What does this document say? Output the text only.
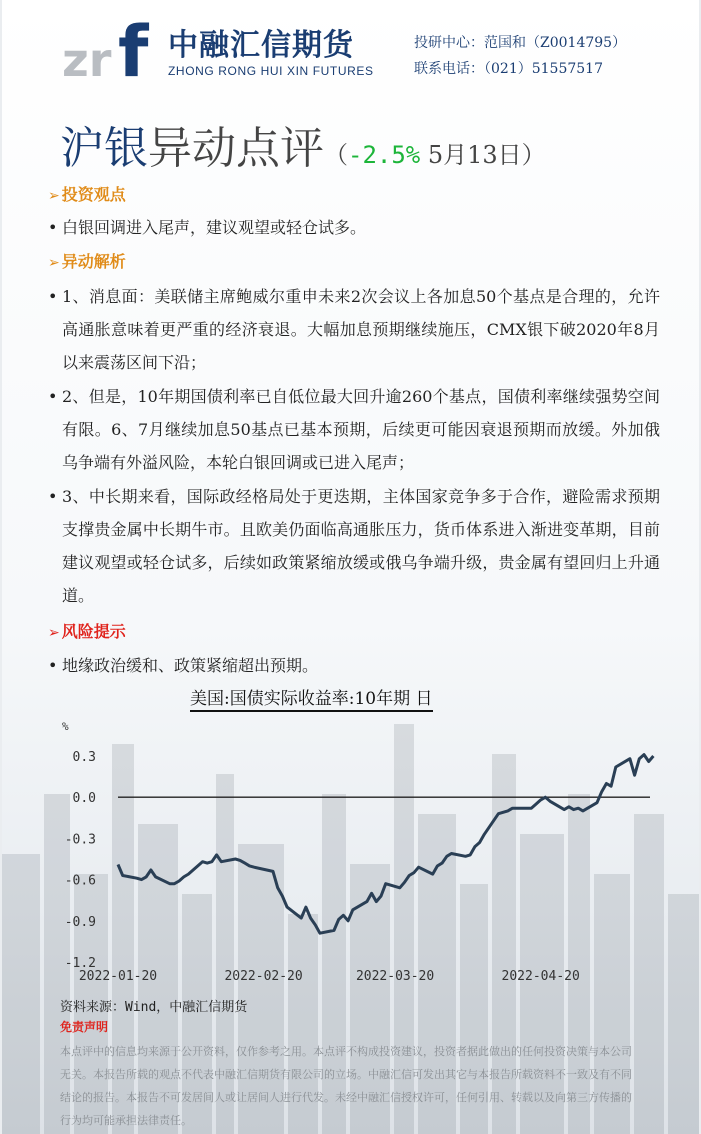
zr f 中融汇信期货
ZHONG RONG HUI XIN FUTURES
投研中心：范国和（Z0014795）
联系电话：（021）51557517
沪银异动点评（-2.5% 5月13日）
➢ 投资观点
• 白银回调进入尾声，建议观望或轻仓试多。
➢ 异动解析
• 1、消息面：美联储主席鲍威尔重申未来2次会议上各加息50个基点是合理的，允许高通胀意味着更严重的经济衰退。大幅加息预期继续施压，CMX银下破2020年8月以来震荡区间下沿；
• 2、但是，10年期国债利率已自低位最大回升逾260个基点，国债利率继续强势空间有限。6、7月继续加息50基点已基本预期，后续更可能因衰退预期而放缓。外加俄乌争端有外溢风险，本轮白银回调或已进入尾声；
• 3、中长期来看，国际政经格局处于更迭期，主体国家竞争多于合作，避险需求预期支撑贵金属中长期牛市。且欧美仍面临高通胀压力，货币体系进入渐进变革期，目前建议观望或轻仓试多，后续如政策紧缩放缓或俄乌争端升级，贵金属有望回归上升通道。
➢ 风险提示
• 地缘政治缓和、政策紧缩超出预期。
美国:国债实际收益率:10年期 日
%
0.3
0.0
-0.3
-0.6
-0.9
-1.2
2022-01-20	2022-02-20	2022-03-20	2022-04-20
资料来源：Wind，中融汇信期货
免责声明
本点评中的信息均来源于公开资料，仅作参考之用。本点评不构成投资建议，投资者据此做出的任何投资决策与本公司无关。本报告所载的观点不代表中融汇信期货有限公司的立场。中融汇信可发出其它与本报告所载资料不一致及有不同结论的报告。本报告不可发居间人或让居间人进行代发。未经中融汇信授权许可，任何引用、转载以及向第三方传播的行为均可能承担法律责任。
